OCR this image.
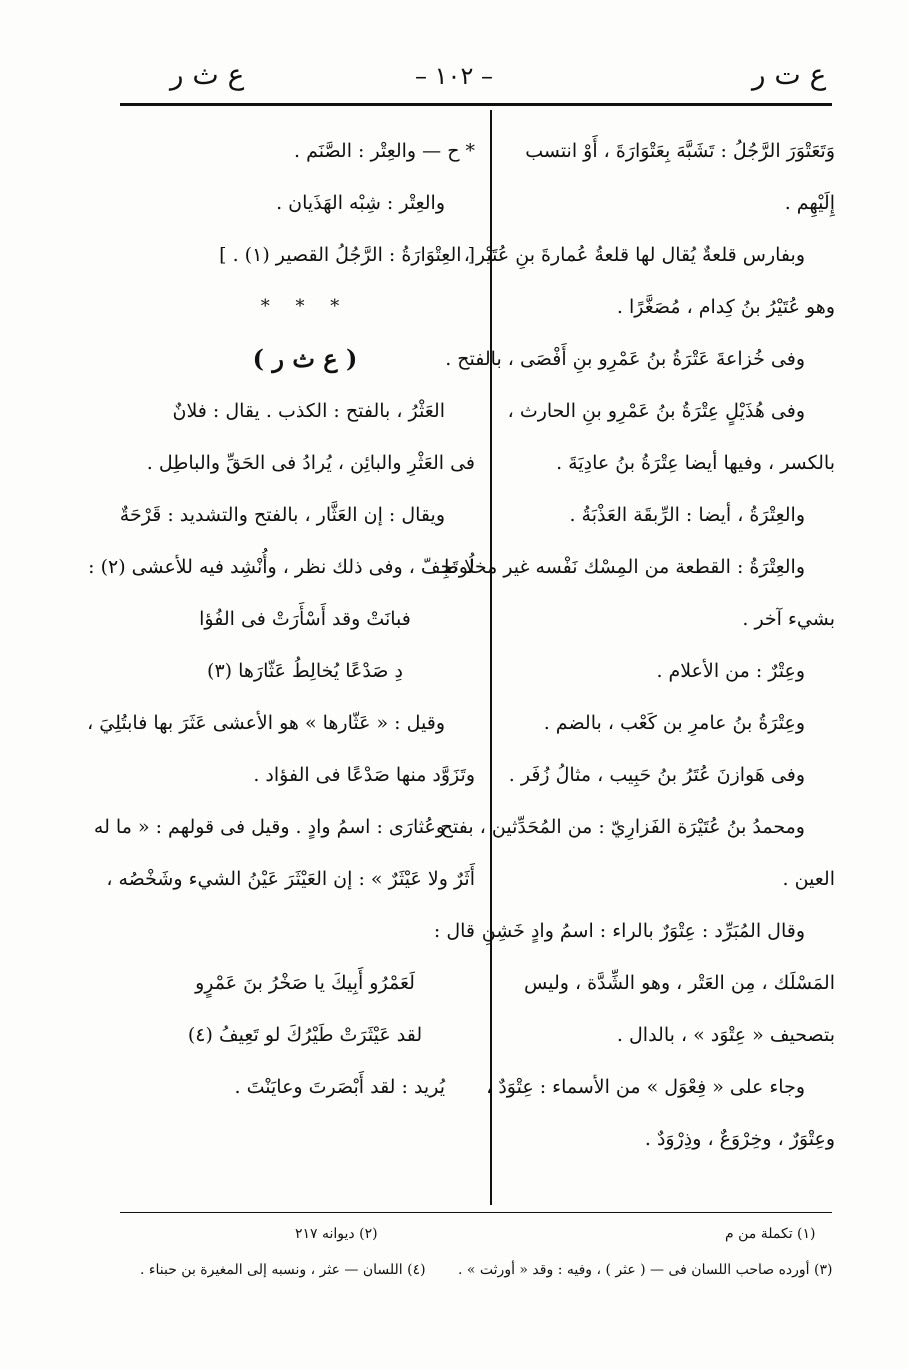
ع ت ر
– ١٠٢ –
ع ث ر
وَتَعَتْوَرَ الرَّجُلُ : تَشَبَّهَ بِعَتْوَارَةَ ، أَوْ انتسب
إِلَيْهِم .
وبفارس قلعةٌ يُقال لها قلعةُ عُمارةَ بنِ عُتَيْر ،
وهو عُتَيْرُ بنُ كِدام ، مُصَغَّرًا .
وفى خُزاعةَ عَتْرَةُ بنُ عَمْرِو بنِ أَفْصَى ، بالفتح .
وفى هُذَيْلٍ عِتْرَةُ بنُ عَمْرِو بنِ الحارث ،
بالكسر ، وفيها أيضا عِتْرَةُ بنُ عادِيَةَ .
والعِتْرَةُ ، أيضا : الرِّبقَة العَذْبَةُ .
والعِتْرَةُ : القطعة من المِسْك نَفْسه غير مخلُوط
بشيء آخر .
وعِتْرٌ : من الأعلام .
وعِتْرَةُ بنُ عامرِ بن كَعْب ، بالضم .
وفى هَوازنَ عُتَرُ بنُ حَبِيب ، مثالُ زُفَر .
ومحمدُ بنُ عُتَيْرَة الفَزارِيّ : من المُحَدِّثين ، بفتح
العين .
وقال المُبَرِّد : عِتْوَرٌ بالراء : اسمُ وادٍ خَشِنِ
المَسْلَك ، مِن العَتْر ، وهو الشِّدَّة ، وليس
بتصحيف « عِتْوَد » ، بالدال .
وجاء على « فِعْوَل » من الأسماء : عِتْوَدٌ ،
وعِتْوَرٌ ، وخِرْوَعٌ ، وذِرْوَدٌ .
* ح — والعِتْر : الصَّنَم .
والعِتْر : شِبْه الهَذَيان .
[ العِتْوَارَةُ : الرَّجُلُ القصير (١) . ]
* * *
( ع ث ر )
العَثْرُ ، بالفتح : الكذب . يقال : فلانٌ
فى العَثْرِ والبائِن ، يُرادُ فى الحَقِّ والباطِل .
ويقال : إن العَثَّار ، بالفتح والتشديد : قَرْحَةٌ
لا تَجِفّ ، وفى ذلك نظر ، وأُنْشِد فيه للأعشى (٢) :
فبانَتْ وقد أَسْأَرَتْ فى الفُؤا
دِ صَدْعًا يُخالِطُ عَثّارَها (٣)
وقيل : « عَثّارها » هو الأعشى عَثَرَ بها فابتُلِيَ ،
وتَزَوَّد منها صَدْعًا فى الفؤاد .
وعُثارَى : اسمُ وادٍ . وقيل فى قولهم : « ما له
أَثَرٌ ولا عَيْثَرٌ » : إن العَيْثَرَ عَيْنُ الشيء وشَخْصُه ،
قال :
لَعَمْرُو أَبِيكَ يا صَخْرُ بنَ عَمْرٍو
لقد عَيْثَرَتْ طَيْرُكَ لو تَعِيفُ (٤)
يُريد : لقد أَبْصَرتَ وعايَنْتَ .
(١) تكملة من م
(٢) ديوانه ٢١٧
(٣) أورده صاحب اللسان فى — ( عثر ) ، وفيه : وقد « أورثت » .
(٤) اللسان — عثر ، ونسبه إلى المغيرة بن حبناء .
